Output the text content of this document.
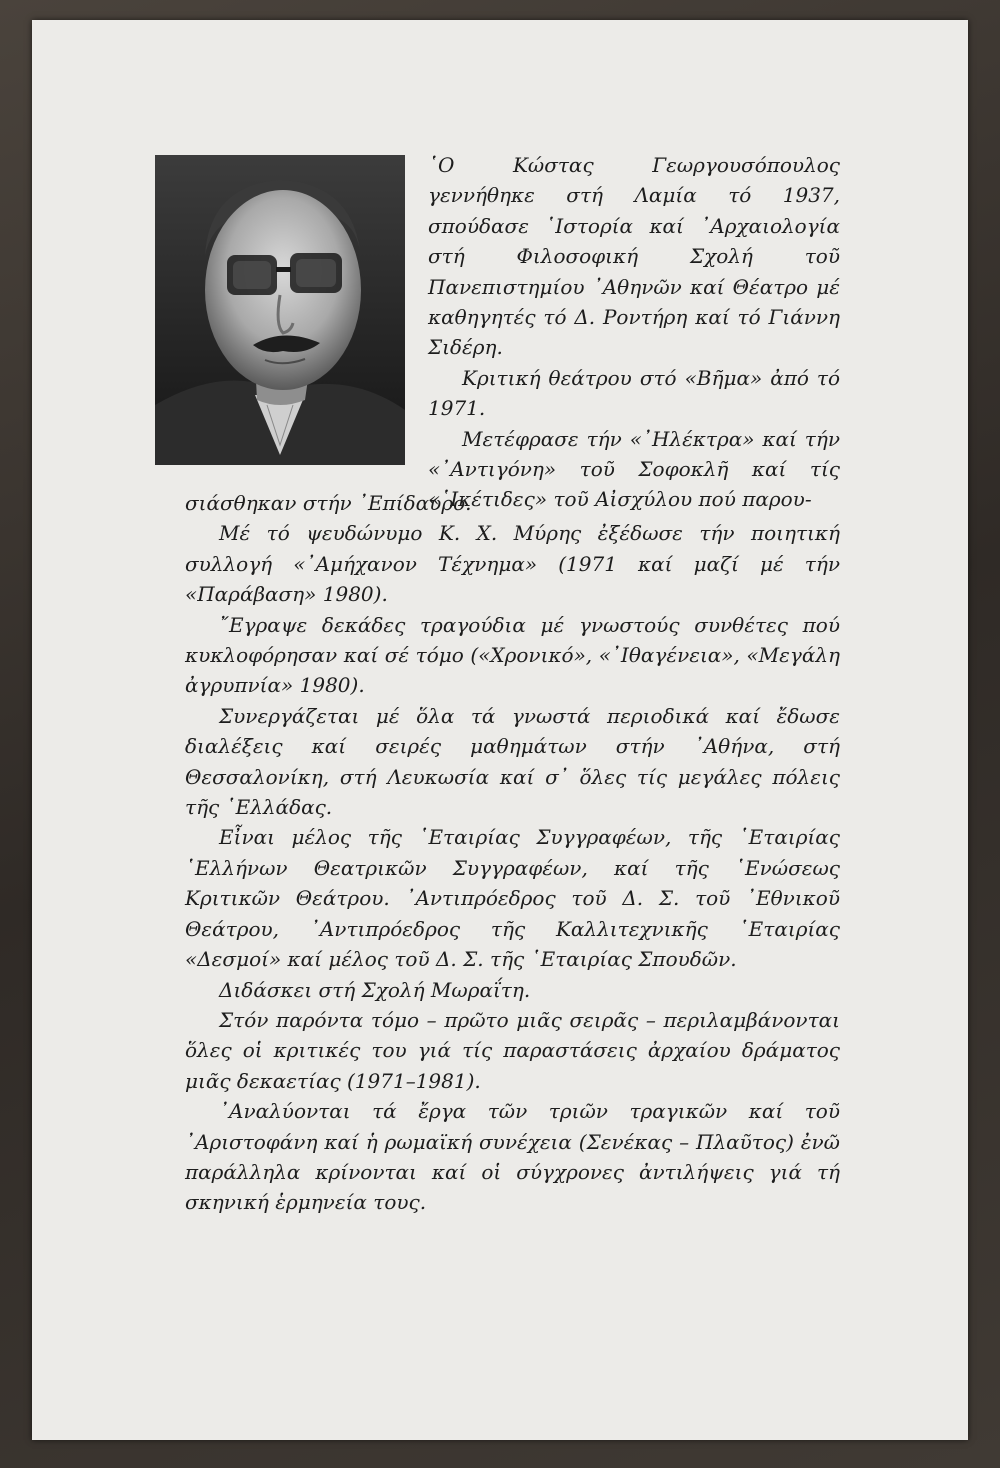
῾Ο Κώστας Γεωργουσόπουλος γεννήθηκε στή Λαμία τό 1937, σπούδασε ῾Ιστορία καί ᾿Αρχαιολογία στή Φιλοσοφική Σχολή τοῦ Πανεπιστημίου ᾿Αθηνῶν καί Θέατρο μέ καθηγητές τό Δ. Ροντήρη καί τό Γιάννη Σιδέρη.

Κριτική θεάτρου στό «Βῆμα» ἀπό τό 1971.

Μετέφρασε τήν «᾿Ηλέκτρα» καί τήν «᾿Αντιγόνη» τοῦ Σοφοκλῆ καί τίς «῾Ικέτιδες» τοῦ Αἰσχύλου πού παρου-

σιάσθηκαν στήν ᾿Επίδαυρο.

Μέ τό ψευδώνυμο Κ. Χ. Μύρης ἐξέδωσε τήν ποιητική συλλογή «᾿Αμήχανον Τέχνημα» (1971 καί μαζί μέ τήν «Παράβαση» 1980).

῎Εγραψε δεκάδες τραγούδια μέ γνωστούς συνθέτες πού κυκλοφόρησαν καί σέ τόμο («Χρονικό», «᾿Ιθαγένεια», «Μεγάλη ἀγρυπνία» 1980).

Συνεργάζεται μέ ὅλα τά γνωστά περιοδικά καί ἔδωσε διαλέξεις καί σειρές μαθημάτων στήν ᾿Αθήνα, στή Θεσσαλονίκη, στή Λευκωσία καί σ᾿ ὅλες τίς μεγάλες πόλεις τῆς ῾Ελλάδας.

Εἶναι μέλος τῆς ῾Εταιρίας Συγγραφέων, τῆς ῾Εταιρίας ῾Ελλήνων Θεατρικῶν Συγγραφέων, καί τῆς ῾Ενώσεως Κριτικῶν Θεάτρου. ᾿Αντιπρόεδρος τοῦ Δ. Σ. τοῦ ᾿Εθνικοῦ Θεάτρου, ᾿Αντιπρόεδρος τῆς Καλλιτεχνικῆς ῾Εταιρίας «Δεσμοί» καί μέλος τοῦ Δ. Σ. τῆς ῾Εταιρίας Σπουδῶν.

Διδάσκει στή Σχολή Μωραΐτη.

Στόν παρόντα τόμο – πρῶτο μιᾶς σειρᾶς – περιλαμβάνονται ὅλες οἱ κριτικές του γιά τίς παραστάσεις ἀρχαίου δράματος μιᾶς δεκαετίας (1971–1981).

᾿Αναλύονται τά ἔργα τῶν τριῶν τραγικῶν καί τοῦ ᾿Αριστοφάνη καί ἡ ρωμαϊκή συνέχεια (Σενέκας – Πλαῦτος) ἐνῶ παράλληλα κρίνονται καί οἱ σύγχρονες ἀντιλήψεις γιά τή σκηνική ἑρμηνεία τους.
